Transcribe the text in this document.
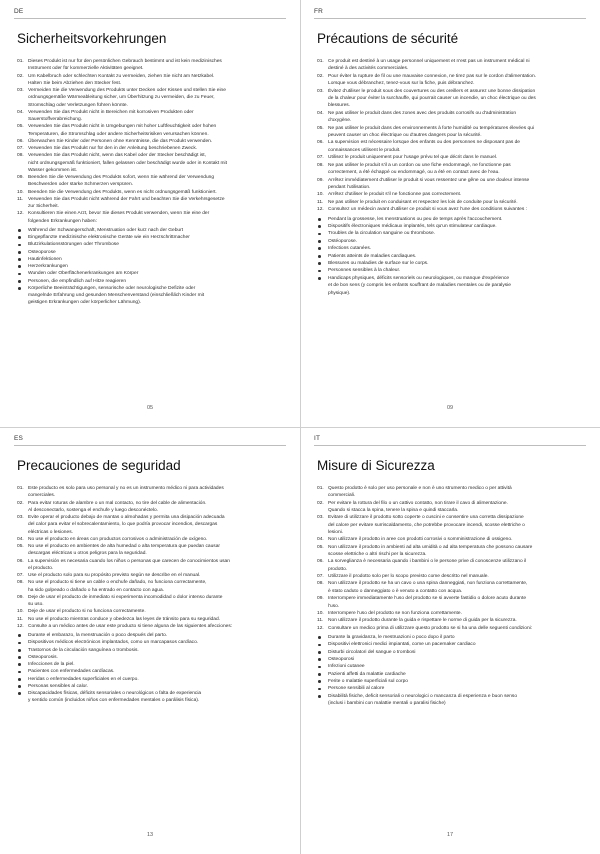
DE
Sicherheitsvorkehrungen
01. Dieses Produkt ist nur für den persönlichen Gebrauch bestimmt und ist kein medizinisches
Instrument oder für kommerzielle Aktivitäten geeignet.
02. Um Kabelbruch oder schlechten Kontakt zu vermeiden, ziehen Sie nicht am Netzkabel.
Halten Sie beim Abziehen den Stecker fest.
03. Vermeiden Sie die Verwendung des Produkts unter Decken oder Kissen und stellen Sie eine
ordnungsgemäße Wärmeableitung sicher, um Überhitzung zu vermeiden, die zu Feuer,
Stromschlag oder Verletzungen führen könnte.
04. Verwenden Sie das Produkt nicht in Bereichen mit korrosiven Produkten oder
Sauerstoffverabreichung.
05. Verwenden Sie das Produkt nicht in Umgebungen mit hoher Luftfeuchtigkeit oder hohen
Temperaturen, die Stromschlag oder andere Sicherheitsrisiken verursachen können.
06. Überwachen Sie Kinder oder Personen ohne Kenntnisse, die das Produkt verwenden.
07. Verwenden Sie das Produkt nur für den in der Anleitung beschriebenen Zweck.
08. Verwenden Sie das Produkt nicht, wenn das Kabel oder der Stecker beschädigt ist,
nicht ordnungsgemäß funktioniert, fallen gelassen oder beschädigt wurde oder in Kontakt mit
Wasser gekommen ist.
09. Beenden Sie die Verwendung des Produkts sofort, wenn Sie während der Verwendung
Beschwerden oder starke Schmerzen verspüren.
10. Beenden Sie die Verwendung des Produkts, wenn es nicht ordnungsgemäß funktioniert.
11. Verwenden Sie das Produkt nicht während der Fahrt und beachten Sie die Verkehrsgesetze
zur Sicherheit.
12. Konsultieren Sie einen Arzt, bevor Sie dieses Produkt verwenden, wenn Sie eine der
folgenden Erkrankungen haben:
Während der Schwangerschaft, Menstruation oder kurz nach der Geburt
Eingepflanzte medizinische elektronische Geräte wie ein Herzschrittmacher
Blutzirkulationsstörungen oder Thrombose
Osteoporose
Hautinfektionen
Herzerkrankungen
Wunden oder Oberflächenerkrankungen am Körper
Personen, die empfindlich auf Hitze reagieren
Körperliche Beeinträchtigungen, sensorische oder neurologische Defizite oder
mangelnde Erfahrung und gesunden Menschenverstand (einschließlich Kinder mit
geistigen Erkrankungen oder körperlicher Lähmung).
05
FR
Précautions de sécurité
01. Ce produit est destiné à un usage personnel uniquement et n'est pas un instrument médical ni
destiné à des activités commerciales.
02. Pour éviter la rupture de fil ou une mauvaise connexion, ne tirez pas sur le cordon d'alimentation.
Lorsque vous débranchez, tenez-vous sur la fiche, puis débranchez.
03. Évitez d'utiliser le produit sous des couvertures ou des oreillers et assurez une bonne dissipation
de la chaleur pour éviter la surchauffe, qui pourrait causer un incendie, un choc électrique ou des
blessures.
04. Ne pas utiliser le produit dans des zones avec des produits corrosifs ou d'administration
d'oxygène.
05. Ne pas utiliser le produit dans des environnements à forte humidité ou températures élevées qui
peuvent causer un choc électrique ou d'autres dangers pour la sécurité.
06. La supervision est nécessaire lorsque des enfants ou des personnes ne disposant pas de
connaissances utilisent le produit.
07. Utilisez le produit uniquement pour l'usage prévu tel que décrit dans le manuel.
08. Ne pas utiliser le produit s'il a un cordon ou une fiche endommagé, ne fonctionne pas
correctement, a été échappé ou endommagé, ou a été en contact avec de l'eau.
09. Arrêtez immédiatement d'utiliser le produit si vous ressentez une gêne ou une douleur intense
pendant l'utilisation.
10. Arrêtez d'utiliser le produit s'il ne fonctionne pas correctement.
11. Ne pas utiliser le produit en conduisant et respectez les lois de conduite pour la sécurité.
12. Consultez un médecin avant d'utiliser ce produit si vous avez l'une des conditions suivantes :
Pendant la grossesse, les menstruations ou peu de temps après l'accouchement.
Dispositifs électroniques médicaux implantés, tels qu'un stimulateur cardiaque.
Troubles de la circulation sanguine ou thrombose.
Ostéoporose.
Infections cutanées.
Patients atteints de maladies cardiaques.
Blessures ou maladies de surface sur le corps.
Personnes sensibles à la chaleur.
Handicaps physiques, déficits sensoriels ou neurologiques, ou manque d'expérience
et de bon sens (y compris les enfants souffrant de maladies mentales ou de paralysie
physique).
09
ES
Precauciones de seguridad
01. Este producto es solo para uso personal y no es un instrumento médico ni para actividades
comerciales.
02. Para evitar roturas de alambre o un mal contacto, no tire del cable de alimentación.
Al desconectarlo, sostenga el enchufe y luego desconéctelo.
03. Evite operar el producto debajo de mantas o almohadas y permita una disipación adecuada
del calor para evitar el sobrecalentamiento, lo que podría provocar incendios, descargas
eléctricas o lesiones.
04. No use el producto en áreas con productos corrosivos o administración de oxígeno.
05. No use el producto en ambientes de alta humedad o alta temperatura que puedan causar
descargas eléctricas u otros peligros para la seguridad.
06. La supervisión es necesaria cuando los niños o personas que carecen de conocimientos usan
el producto.
07. Use el producto solo para su propósito previsto según se describe en el manual.
08. No use el producto si tiene un cable o enchufe dañado, no funciona correctamente,
ha sido golpeado o dañado o ha entrado en contacto con agua.
09. Deje de usar el producto de inmediato si experimenta incomodidad o dolor intenso durante
su uso.
10. Deje de usar el producto si no funciona correctamente.
11. No use el producto mientras conduce y obedezca las leyes de tránsito para su seguridad.
12. Consulte a un médico antes de usar este producto si tiene alguna de las siguientes afecciones:
Durante el embarazo, la menstruación o poco después del parto.
Dispositivos médicos electrónicos implantados, como un marcapasos cardíaco.
Trastornos de la circulación sanguínea o trombosis.
Osteoporosis.
Infecciones de la piel.
Pacientes con enfermedades cardíacas.
Heridas o enfermedades superficiales en el cuerpo.
Personas sensibles al calor.
Discapacidades físicas, déficits sensoriales o neurológicos o falta de experiencia
y sentido común (incluidos niños con enfermedades mentales o parálisis física).
13
IT
Misure di Sicurezza
01. Questo prodotto è solo per uso personale e non è uno strumento medico o per attività
commerciali.
02. Per evitare la rottura del filo o un cattivo contatto, non tirare il cavo di alimentazione.
Quando si stacca la spina, tenere la spina e quindi staccarla.
03. Evitare di utilizzare il prodotto sotto coperte o cuscini e consentire una corretta dissipazione
del calore per evitare surriscaldamento, che potrebbe provocare incendi, scosse elettriche o
lesioni.
04. Non utilizzare il prodotto in aree con prodotti corrosivi o somministrazione di ossigeno.
05. Non utilizzare il prodotto in ambienti ad alta umidità o ad alta temperatura che possono causare
scosse elettriche o altri rischi per la sicurezza.
06. La sorveglianza è necessaria quando i bambini o le persone prive di conoscenze utilizzano il
prodotto.
07. Utilizzare il prodotto solo per lo scopo previsto come descritto nel manuale.
08. Non utilizzare il prodotto se ha un cavo o una spina danneggiati, non funziona correttamente,
è stato caduto o danneggiato o è venuto a contatto con acqua.
09. Interrompere immediatamente l'uso del prodotto se si avverte fastidio o dolore acuto durante
l'uso.
10. Interrompere l'uso del prodotto se non funziona correttamente.
11. Non utilizzare il prodotto durante la guida e rispettare le norme di guida per la sicurezza.
12. Consultare un medico prima di utilizzare questo prodotto se si ha una delle seguenti condizioni:
Durante la gravidanza, le mestruazioni o poco dopo il parto
Dispositivi elettronici medici impiantati, come un pacemaker cardiaco
Disturbi circolatori del sangue o trombosi
Osteoporosi
Infezioni cutanee
Pazienti affetti da malattie cardiache
Ferite o malattie superficiali sul corpo
Persone sensibili al calore
Disabilità fisiche, deficit sensoriali o neurologici o mancanza di esperienza e buon senso
(inclusi i bambini con malattie mentali o paralisi fisiche)
17
